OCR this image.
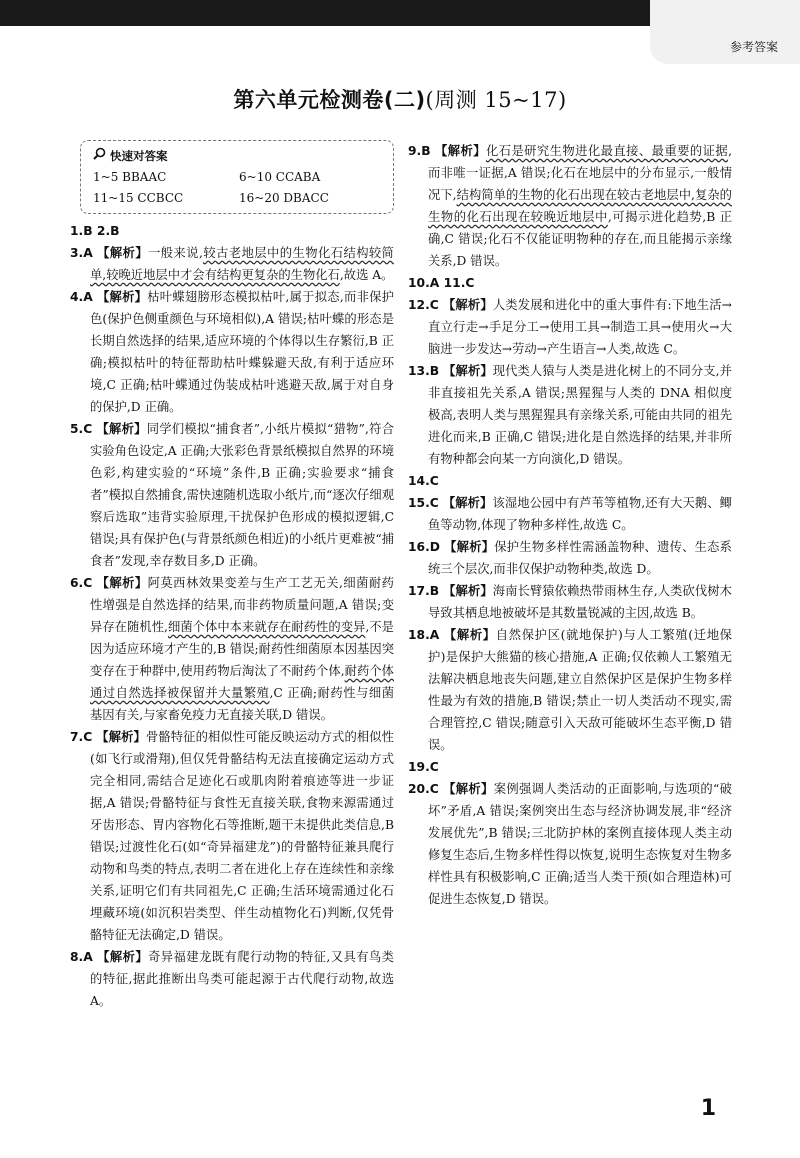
参考答案
第六单元检测卷(二)(周测 15~17)
快速对答案
1~5 BBAAC	6~10 CCABA
11~15 CCBCC	16~20 DBACC
1.B 2.B
3.A 【解析】一般来说,较古老地层中的生物化石结构较简单,较晚近地层中才会有结构更复杂的生物化石,故选 A。
4.A 【解析】枯叶蝶翅膀形态模拟枯叶,属于拟态,而非保护色(保护色侧重颜色与环境相似),A 错误;枯叶蝶的形态是长期自然选择的结果,适应环境的个体得以生存繁衍,B 正确;模拟枯叶的特征帮助枯叶蝶躲避天敌,有利于适应环境,C 正确;枯叶蝶通过伪装成枯叶逃避天敌,属于对自身的保护,D 正确。
5.C 【解析】同学们模拟“捕食者”,小纸片模拟“猎物”,符合实验角色设定,A 正确;大张彩色背景纸模拟自然界的环境色彩,构建实验的“环境”条件,B 正确;实验要求“捕食者”模拟自然捕食,需快速随机选取小纸片,而“逐次仔细观察后选取”违背实验原理,干扰保护色形成的模拟逻辑,C 错误;具有保护色(与背景纸颜色相近)的小纸片更难被“捕食者”发现,幸存数目多,D 正确。
6.C 【解析】阿莫西林效果变差与生产工艺无关,细菌耐药性增强是自然选择的结果,而非药物质量问题,A 错误;变异存在随机性,细菌个体中本来就存在耐药性的变异,不是因为适应环境才产生的,B 错误;耐药性细菌原本因基因突变存在于种群中,使用药物后淘汰了不耐药个体,耐药个体通过自然选择被保留并大量繁殖,C 正确;耐药性与细菌基因有关,与家畜免疫力无直接关联,D 错误。
7.C 【解析】骨骼特征的相似性可能反映运动方式的相似性(如飞行或滑翔),但仅凭骨骼结构无法直接确定运动方式完全相同,需结合足迹化石或肌肉附着痕迹等进一步证据,A 错误;骨骼特征与食性无直接关联,食物来源需通过牙齿形态、胃内容物化石等推断,题干未提供此类信息,B 错误;过渡性化石(如“奇异福建龙”)的骨骼特征兼具爬行动物和鸟类的特点,表明二者在进化上存在连续性和亲缘关系,证明它们有共同祖先,C 正确;生活环境需通过化石埋藏环境(如沉积岩类型、伴生动植物化石)判断,仅凭骨骼特征无法确定,D 错误。
8.A 【解析】奇异福建龙既有爬行动物的特征,又具有鸟类的特征,据此推断出鸟类可能起源于古代爬行动物,故选 A。
9.B 【解析】化石是研究生物进化最直接、最重要的证据,而非唯一证据,A 错误;化石在地层中的分布显示,一般情况下,结构简单的生物的化石出现在较古老地层中,复杂的生物的化石出现在较晚近地层中,可揭示进化趋势,B 正确,C 错误;化石不仅能证明物种的存在,而且能揭示亲缘关系,D 错误。
10.A 11.C
12.C 【解析】人类发展和进化中的重大事件有:下地生活→直立行走→手足分工→使用工具→制造工具→使用火→大脑进一步发达→劳动→产生语言→人类,故选 C。
13.B 【解析】现代类人猿与人类是进化树上的不同分支,并非直接祖先关系,A 错误;黑猩猩与人类的 DNA 相似度极高,表明人类与黑猩猩具有亲缘关系,可能由共同的祖先进化而来,B 正确,C 错误;进化是自然选择的结果,并非所有物种都会向某一方向演化,D 错误。
14.C
15.C 【解析】该湿地公园中有芦苇等植物,还有大天鹅、鲫鱼等动物,体现了物种多样性,故选 C。
16.D 【解析】保护生物多样性需涵盖物种、遗传、生态系统三个层次,而非仅保护动物种类,故选 D。
17.B 【解析】海南长臂猿依赖热带雨林生存,人类砍伐树木导致其栖息地被破坏是其数量锐减的主因,故选 B。
18.A 【解析】自然保护区(就地保护)与人工繁殖(迁地保护)是保护大熊猫的核心措施,A 正确;仅依赖人工繁殖无法解决栖息地丧失问题,建立自然保护区是保护生物多样性最为有效的措施,B 错误;禁止一切人类活动不现实,需合理管控,C 错误;随意引入天敌可能破坏生态平衡,D 错误。
19.C
20.C 【解析】案例强调人类活动的正面影响,与选项的“破坏”矛盾,A 错误;案例突出生态与经济协调发展,非“经济发展优先”,B 错误;三北防护林的案例直接体现人类主动修复生态后,生物多样性得以恢复,说明生态恢复对生物多样性具有积极影响,C 正确;适当人类干预(如合理造林)可促进生态恢复,D 错误。
1
